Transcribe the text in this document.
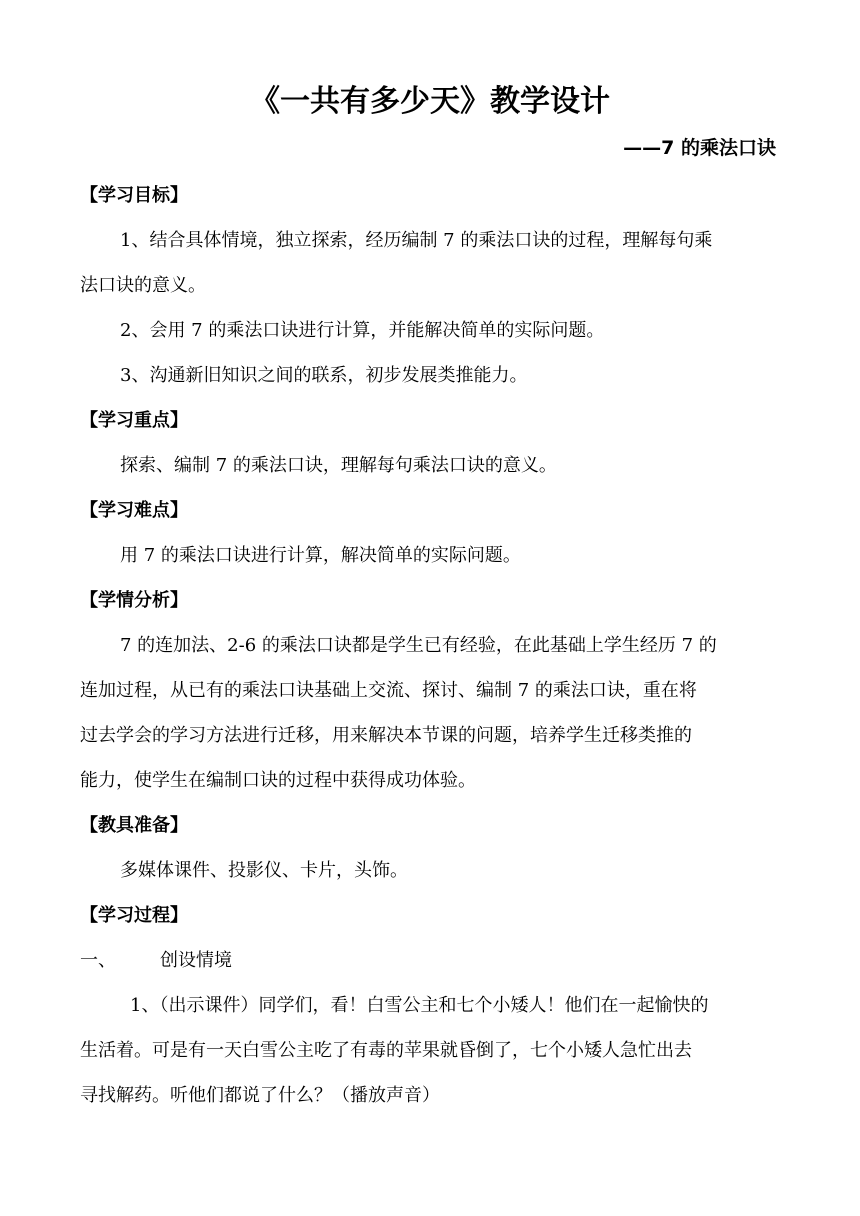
《一共有多少天》教学设计
——7 的乘法口诀
【学习目标】
1、结合具体情境，独立探索，经历编制 7 的乘法口诀的过程，理解每句乘
法口诀的意义。
2、会用 7 的乘法口诀进行计算，并能解决简单的实际问题。
3、沟通新旧知识之间的联系，初步发展类推能力。
【学习重点】
探索、编制 7 的乘法口诀，理解每句乘法口诀的意义。
【学习难点】
用 7 的乘法口诀进行计算，解决简单的实际问题。
【学情分析】
7 的连加法、2-6 的乘法口诀都是学生已有经验，在此基础上学生经历 7 的
连加过程，从已有的乘法口诀基础上交流、探讨、编制 7 的乘法口诀，重在将
过去学会的学习方法进行迁移，用来解决本节课的问题，培养学生迁移类推的
能力，使学生在编制口诀的过程中获得成功体验。
【教具准备】
多媒体课件、投影仪、卡片，头饰。
【学习过程】
一、 创设情境
1、（出示课件）同学们，看！白雪公主和七个小矮人！他们在一起愉快的
生活着。可是有一天白雪公主吃了有毒的苹果就昏倒了，七个小矮人急忙出去
寻找解药。听他们都说了什么？（播放声音）
